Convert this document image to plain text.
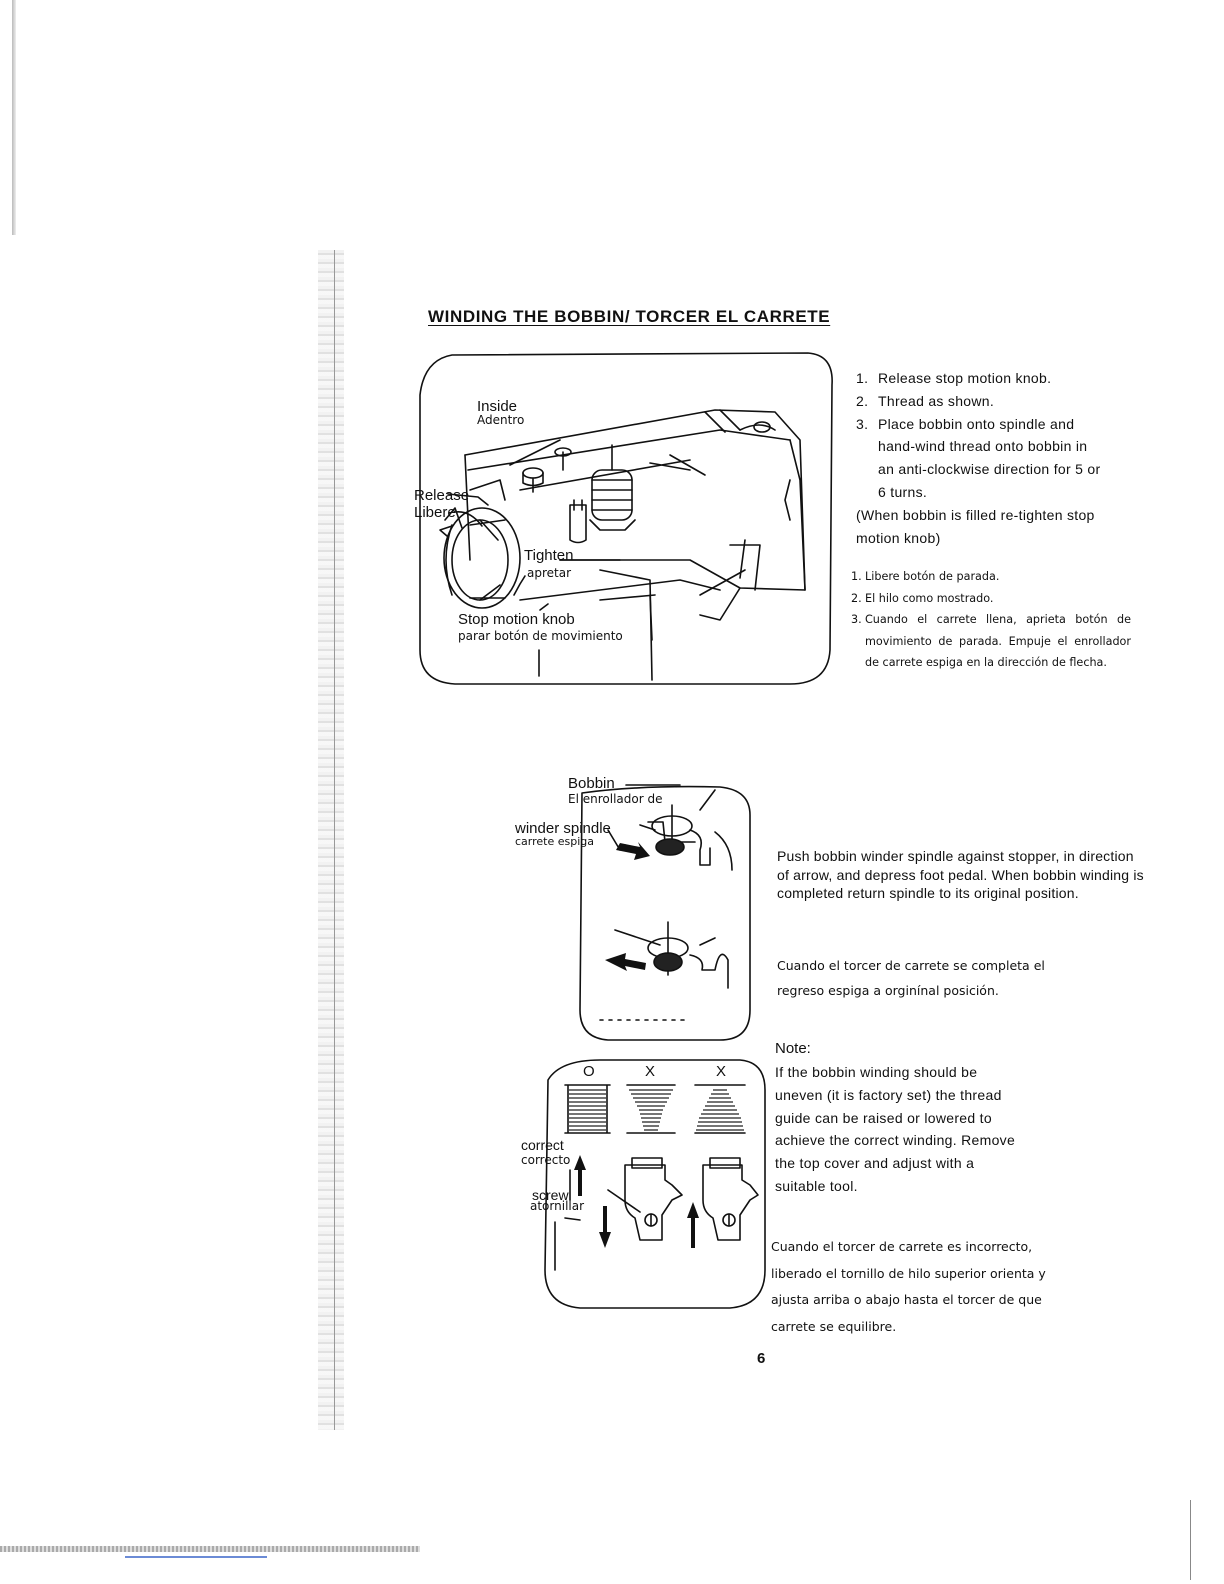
WINDING THE BOBBIN/ TORCER EL CARRETE
Inside
Adentro
Release
Libere
Tighten
apretar
Stop motion knob
parar botón de movimiento
1. Release stop motion knob.
2. Thread as shown.
3. Place bobbin onto spindle and hand-wind thread onto bobbin in an anti-clockwise direction for 5 or 6 turns.
(When bobbin is filled re-tighten stop motion knob)
1. Libere botón de parada.
2. El hilo como mostrado.
3. Cuando el carrete llena, aprieta botón de movimiento de parada. Empuje el enrollador de carrete espiga en la dirección de flecha.
Bobbin
El enrollador de
winder spindle
carrete espiga
Push bobbin winder spindle against stopper, in direction of arrow, and depress foot pedal. When bobbin winding is completed return spindle to its original position.
Cuando el torcer de carrete se completa el regreso espiga a orginínal posición.
O	X	X
correct
correcto
screw
atornillar
Note:
If the bobbin winding should be uneven (it is factory set) the thread guide can be raised or lowered to achieve the correct winding. Remove the top cover and adjust with a suitable tool.
Cuando el torcer de carrete es incorrecto, liberado el tornillo de hilo superior orienta y ajusta arriba o abajo hasta el torcer de que carrete se equilibre.
6
